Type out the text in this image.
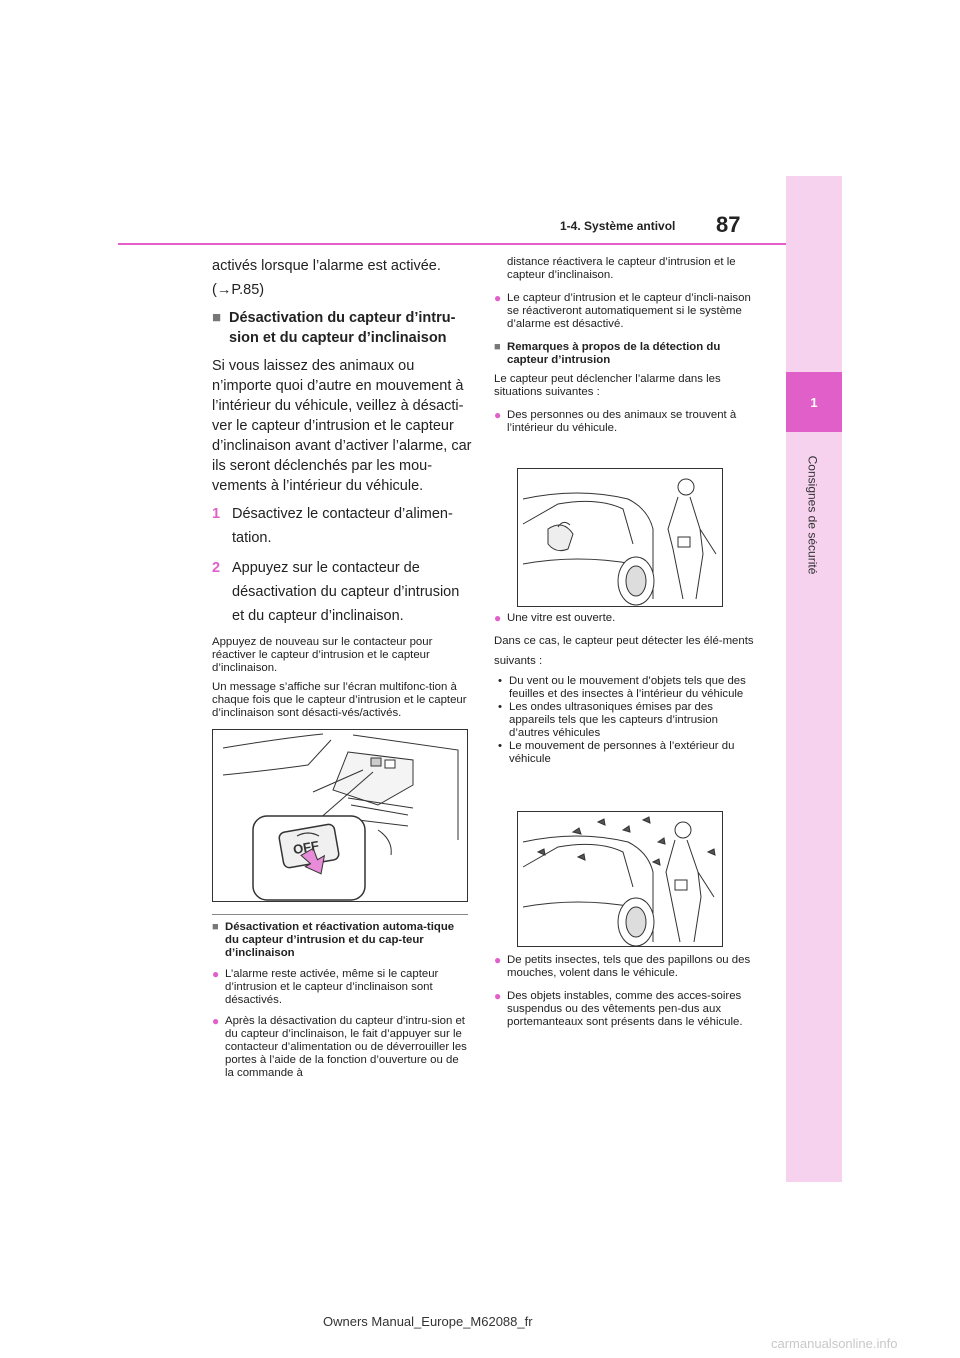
1
Consignes de sécurité
1-4. Système antivol 87
activés lorsque l’alarme est activée.
(→P.85)
■ Désactivation du capteur d’intru-sion et du capteur d’inclinaison
Si vous laissez des animaux ou n’importe quoi d’autre en mouvement à l’intérieur du véhicule, veillez à désacti-ver le capteur d’intrusion et le capteur d’inclinaison avant d’activer l’alarme, car ils seront déclenchés par les mou-vements à l’intérieur du véhicule.
1 Désactivez le contacteur d’alimen-tation.
2 Appuyez sur le contacteur de désactivation du capteur d’intrusion et du capteur d’inclinaison.
Appuyez de nouveau sur le contacteur pour réactiver le capteur d’intrusion et le capteur d’inclinaison.
Un message s’affiche sur l’écran multifonc-tion à chaque fois que le capteur d’intrusion et le capteur d’inclinaison sont désacti-vés/activés.
OFF
■ Désactivation et réactivation automa-tique du capteur d’intrusion et du cap-teur d’inclinaison
● L’alarme reste activée, même si le capteur d’intrusion et le capteur d’inclinaison sont désactivés.
● Après la désactivation du capteur d’intru-sion et du capteur d’inclinaison, le fait d’appuyer sur le contacteur d’alimentation ou de déverrouiller les portes à l’aide de la fonction d’ouverture ou de la commande à
distance réactivera le capteur d’intrusion et le capteur d’inclinaison.
● Le capteur d’intrusion et le capteur d’incli-naison se réactiveront automatiquement si le système d’alarme est désactivé.
■ Remarques à propos de la détection du capteur d’intrusion
Le capteur peut déclencher l’alarme dans les situations suivantes :
● Des personnes ou des animaux se trouvent à l’intérieur du véhicule.
● Une vitre est ouverte.
Dans ce cas, le capteur peut détecter les élé-ments suivants :
• Du vent ou le mouvement d’objets tels que des feuilles et des insectes à l’intérieur du véhicule
• Les ondes ultrasoniques émises par des appareils tels que les capteurs d’intrusion d’autres véhicules
• Le mouvement de personnes à l’extérieur du véhicule
● De petits insectes, tels que des papillons ou des mouches, volent dans le véhicule.
● Des objets instables, comme des acces-soires suspendus ou des vêtements pen-dus aux portemanteaux sont présents dans le véhicule.
Owners Manual_Europe_M62088_fr
carmanualsonline.info
